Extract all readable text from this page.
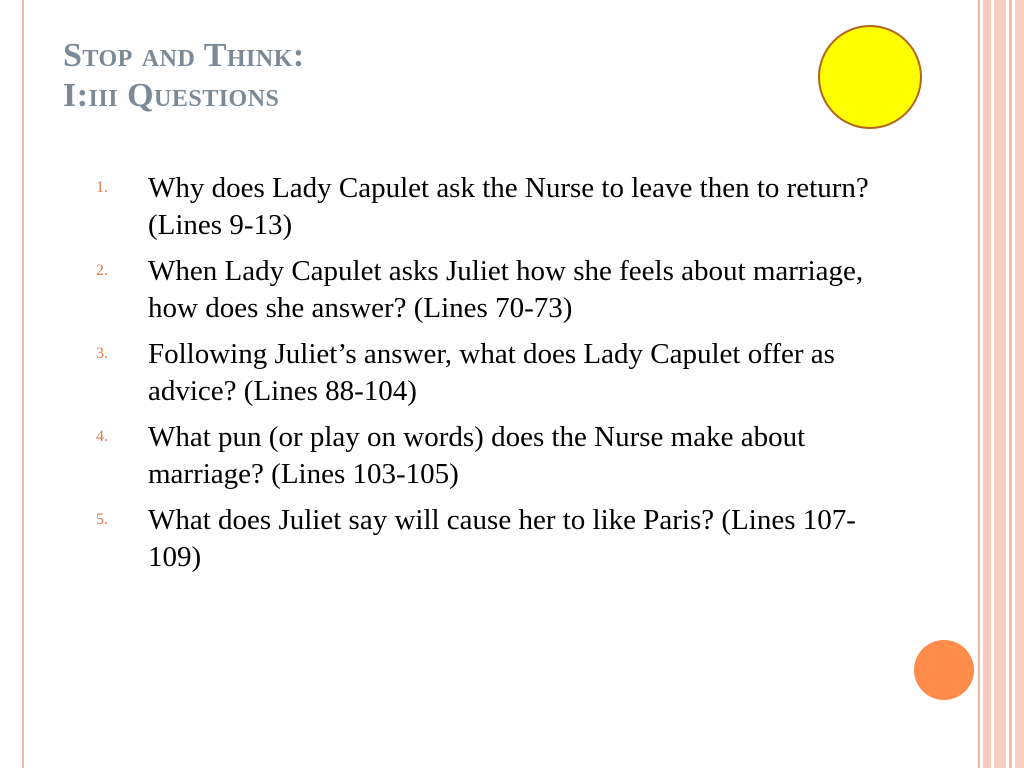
Stop and Think:
I:iii Questions
1.	Why does Lady Capulet ask the Nurse to leave then to return? (Lines 9-13)
2.	When Lady Capulet asks Juliet how she feels about marriage, how does she answer? (Lines 70-73)
3.	Following Juliet’s answer, what does Lady Capulet offer as advice? (Lines 88-104)
4.	What pun (or play on words) does the Nurse make about marriage? (Lines 103-105)
5.	What does Juliet say will cause her to like Paris? (Lines 107-109)
